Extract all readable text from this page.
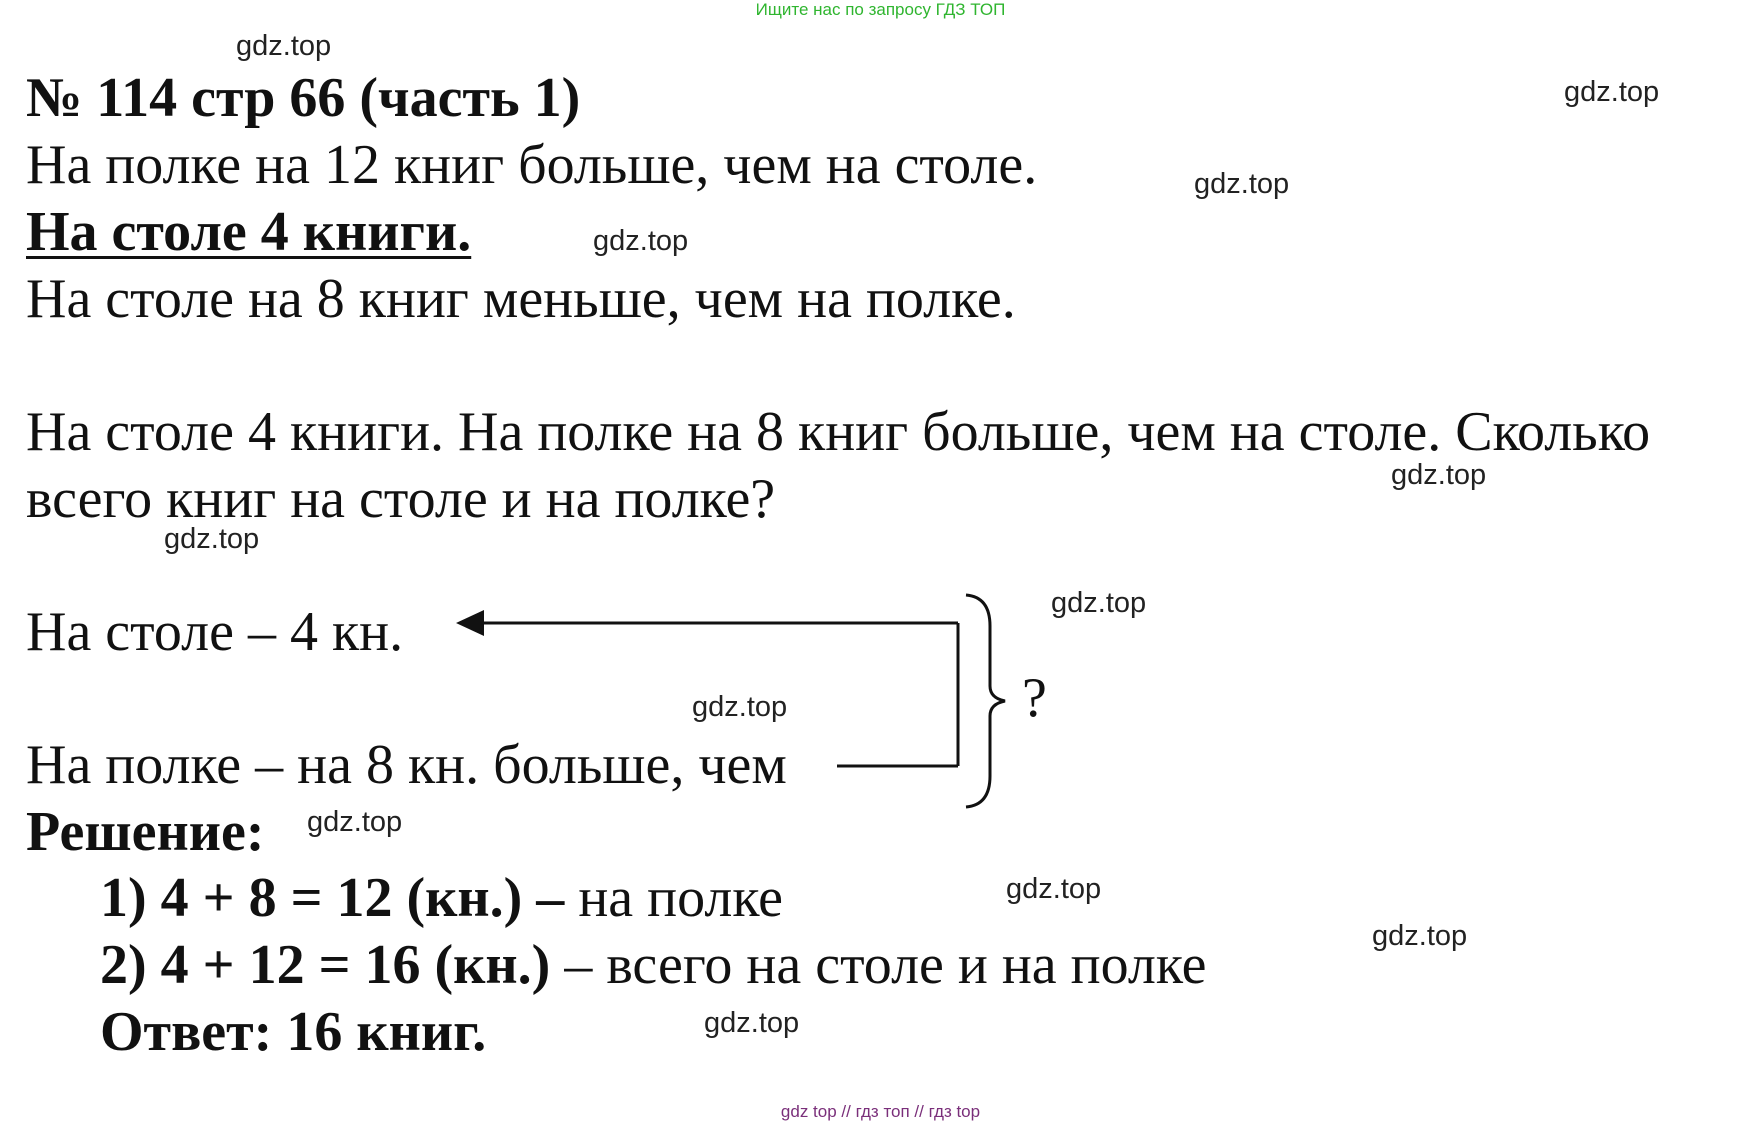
Ищите нас по запросу ГДЗ ТОП
gdz.top
gdz.top
gdz.top
gdz.top
gdz.top
gdz.top
gdz.top
gdz.top
gdz.top
gdz.top
gdz.top
gdz.top
№ 114 стр 66 (часть 1)
На полке на 12 книг больше, чем на столе.
На столе 4 книги.
На столе на 8 книг меньше, чем на полке.
На столе 4 книги. На полке на 8 книг больше, чем на столе. Сколько
всего книг на столе и на полке?
На столе – 4 кн.
На полке – на 8 кн. больше, чем
?
Решение:
1) 4 + 8 = 12 (кн.) – на полке
2) 4 + 12 = 16 (кн.) – всего на столе и на полке
Ответ: 16 книг.
gdz top // гдз топ // гдз top
